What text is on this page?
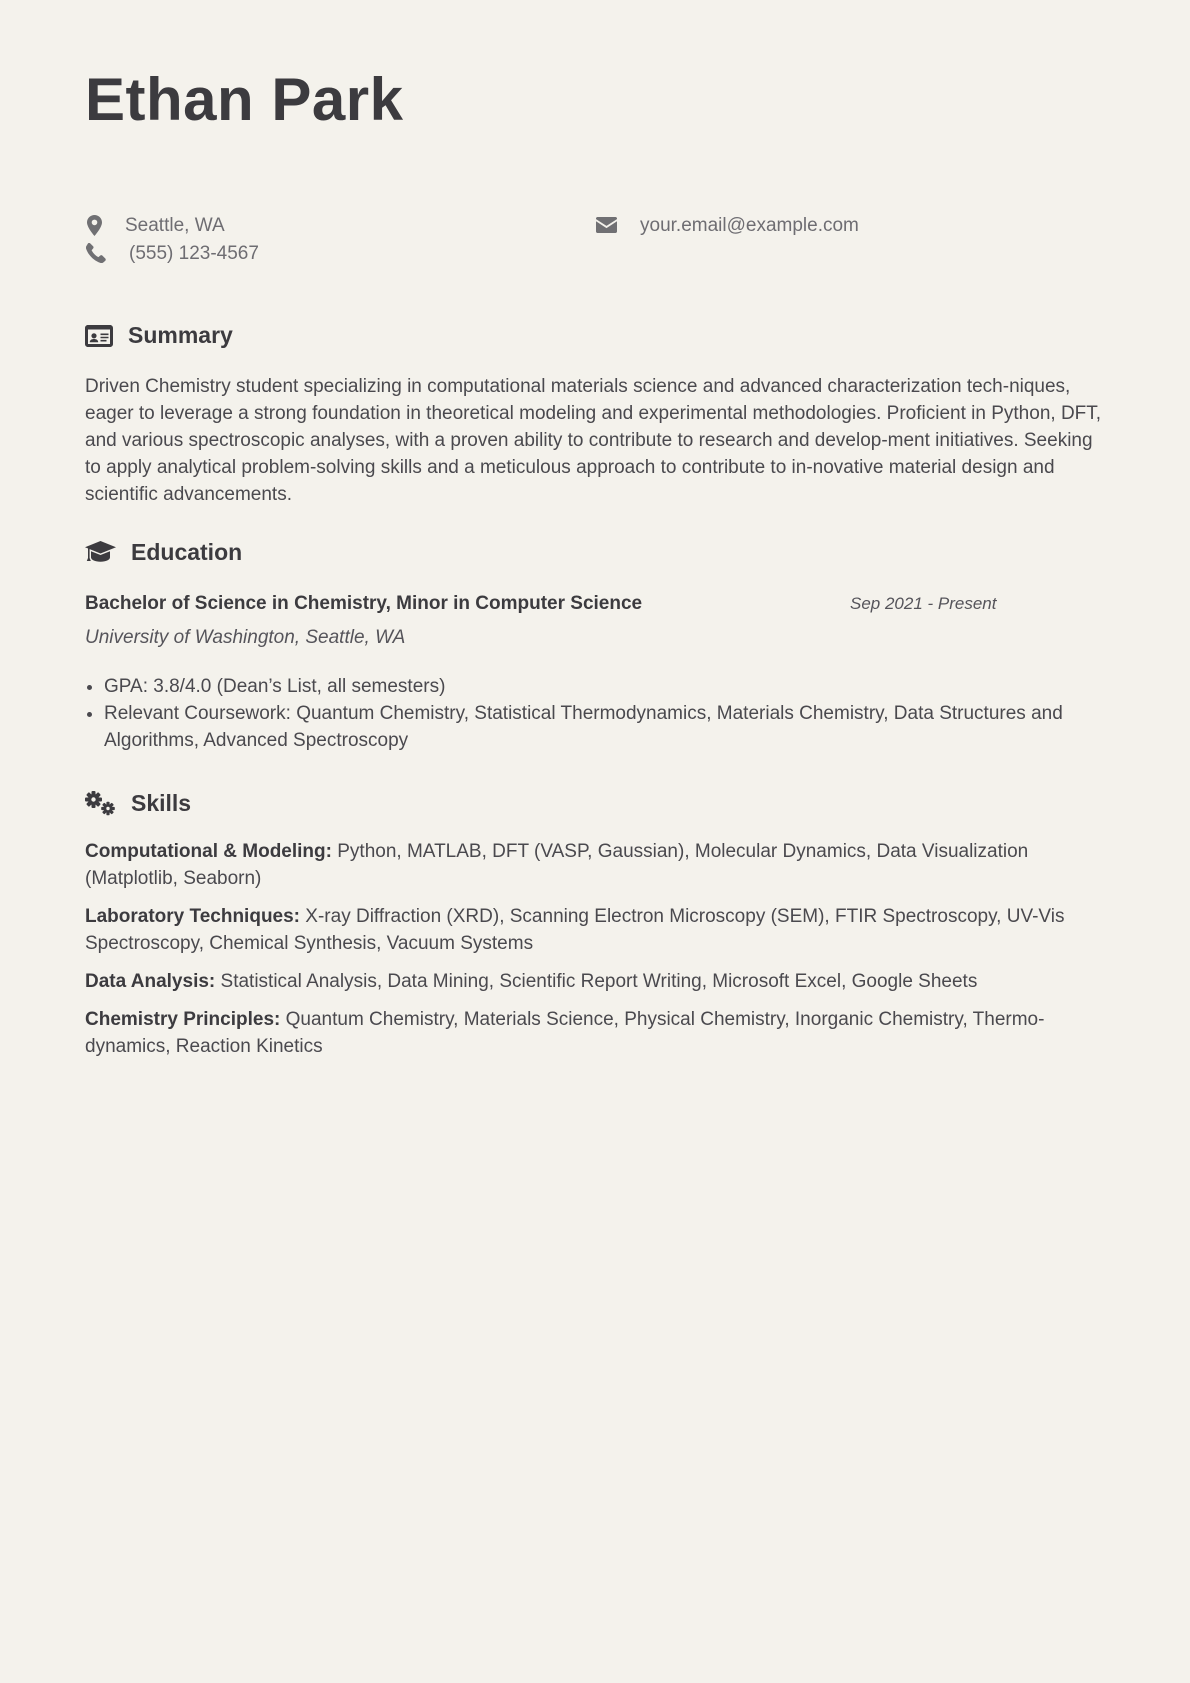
Ethan Park
Seattle, WA	your.email@example.com
(555) 123-4567
Summary

Driven Chemistry student specializing in computational materials science and advanced characterization tech-niques, eager to leverage a strong foundation in theoretical modeling and experimental methodologies. Proficient in Python, DFT, and various spectroscopic analyses, with a proven ability to contribute to research and develop-ment initiatives. Seeking to apply analytical problem-solving skills and a meticulous approach to contribute to in-novative material design and scientific advancements.

Education
Bachelor of Science in Chemistry, Minor in Computer Science	Sep 2021 - Present
University of Washington, Seattle, WA
GPA: 3.8/4.0 (Dean’s List, all semesters)
Relevant Coursework: Quantum Chemistry, Statistical Thermodynamics, Materials Chemistry, Data Structures and Algorithms, Advanced Spectroscopy
Skills

Computational & Modeling: Python, MATLAB, DFT (VASP, Gaussian), Molecular Dynamics, Data Visualization (Matplotlib, Seaborn)

Laboratory Techniques: X-ray Diffraction (XRD), Scanning Electron Microscopy (SEM), FTIR Spectroscopy, UV-Vis Spectroscopy, Chemical Synthesis, Vacuum Systems

Data Analysis: Statistical Analysis, Data Mining, Scientific Report Writing, Microsoft Excel, Google Sheets

Chemistry Principles: Quantum Chemistry, Materials Science, Physical Chemistry, Inorganic Chemistry, Thermo-dynamics, Reaction Kinetics
